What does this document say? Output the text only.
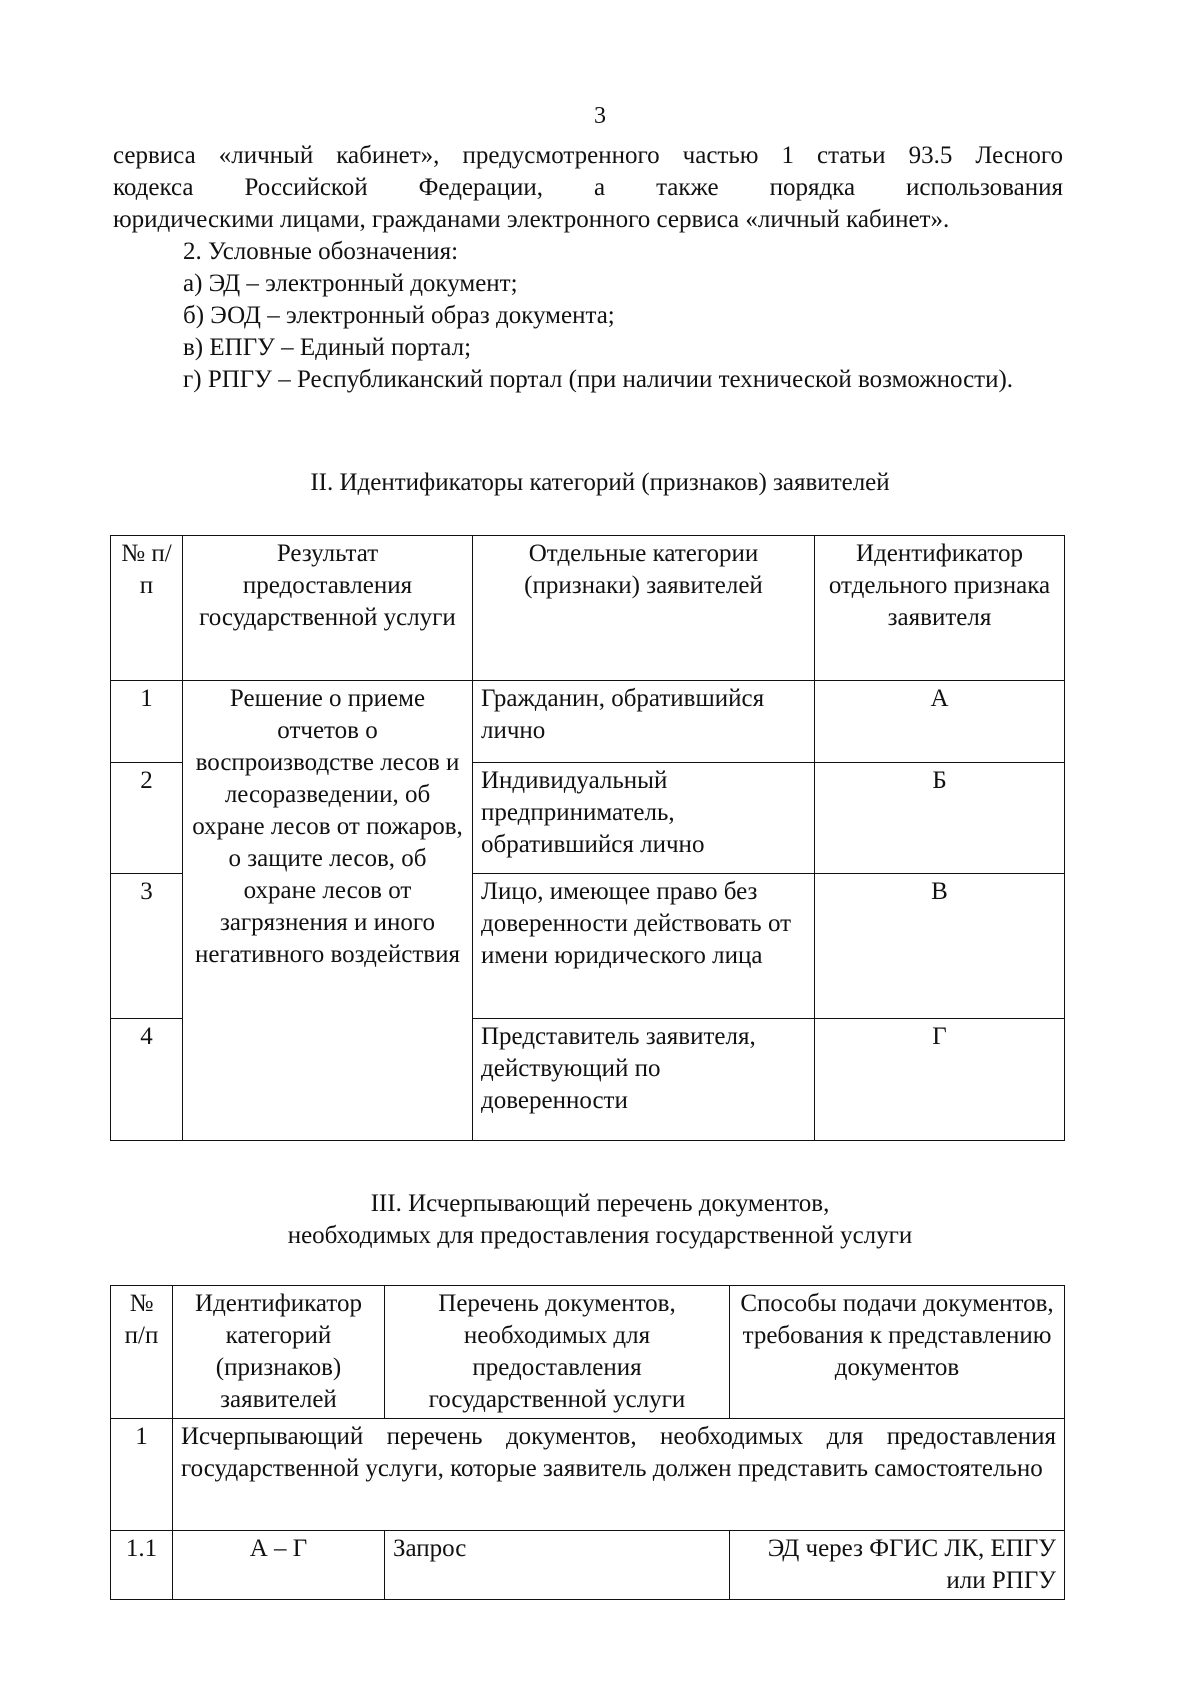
3

сервиса «личный кабинет», предусмотренного частью 1 статьи 93.5 Лесного

кодекса Российской Федерации, а также порядка использования

юридическими лицами, гражданами электронного сервиса «личный кабинет».

2. Условные обозначения:

а) ЭД – электронный документ;

б) ЭОД – электронный образ документа;

в) ЕПГУ – Единый портал;

г) РПГУ – Республиканский портал (при наличии технической возможности).

II. Идентификаторы категорий (признаков) заявителей
№ п/п	Результат предоставления государственной услуги	Отдельные категории (признаки) заявителей	Идентификатор отдельного признака заявителя
1	Решение о приеме отчетов о воспроизводстве лесов и лесоразведении, об охране лесов от пожаров, о защите лесов, об охране лесов от загрязнения и иного негативного воздействия	Гражданин, обратившийся лично	А
2		Индивидуальный предприниматель, обратившийся лично	Б
3		Лицо, имеющее право без доверенности действовать от имени юридического лица	В
4		Представитель заявителя, действующий по доверенности	Г
III. Исчерпывающий перечень документов,
необходимых для предоставления государственной услуги
№ п/п	Идентификатор категорий (признаков) заявителей	Перечень документов, необходимых для предоставления государственной услуги	Способы подачи документов, требования к представлению документов
1	Исчерпывающий перечень документов, необходимых для предоставления государственной услуги, которые заявитель должен представить самостоятельно		
1.1	А – Г	Запрос	ЭД через ФГИС ЛК, ЕПГУ или РПГУ
